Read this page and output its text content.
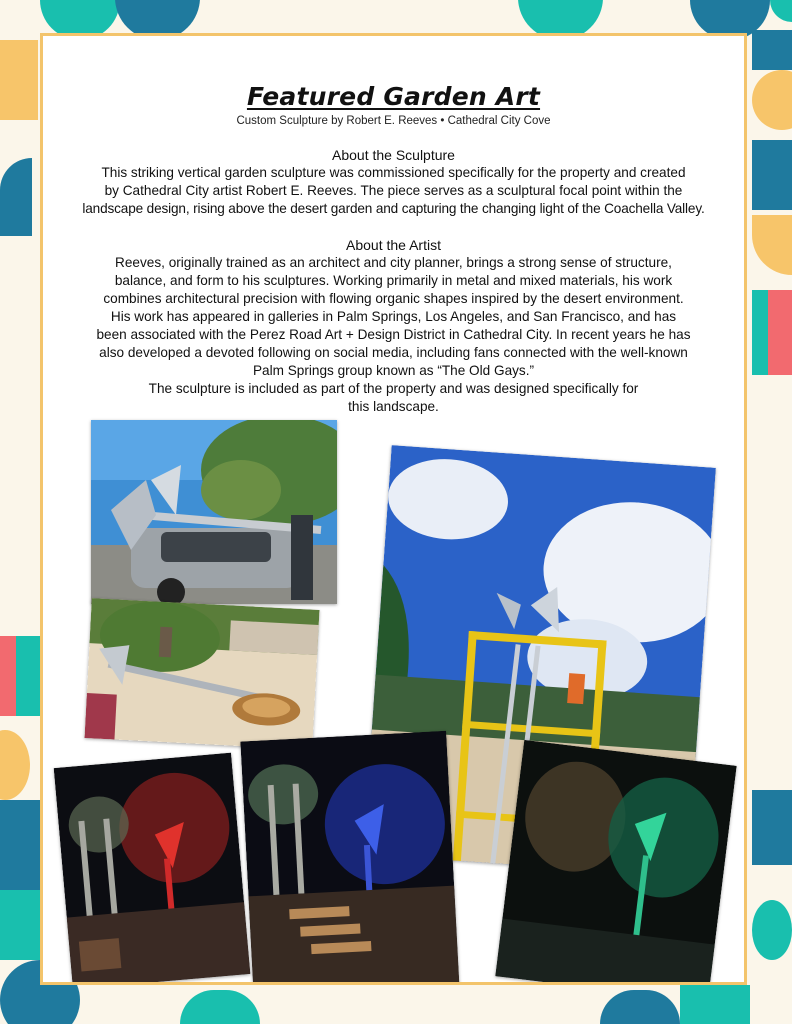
Featured Garden Art
Custom Sculpture by Robert E. Reeves • Cathedral City Cove
About the Sculpture
This striking vertical garden sculpture was commissioned specifically for the property and created
by Cathedral City artist Robert E. Reeves. The piece serves as a sculptural focal point within the
landscape design, rising above the desert garden and capturing the changing light of the Coachella Valley.
About the Artist
Reeves, originally trained as an architect and city planner, brings a strong sense of structure,
balance, and form to his sculptures. Working primarily in metal and mixed materials, his work
combines architectural precision with flowing organic shapes inspired by the desert environment.
His work has appeared in galleries in Palm Springs, Los Angeles, and San Francisco, and has
been associated with the Perez Road Art + Design District in Cathedral City. In recent years he has
also developed a devoted following on social media, including fans connected with the well-known
Palm Springs group known as “The Old Gays.”
The sculpture is included as part of the property and was designed specifically for
this landscape.
